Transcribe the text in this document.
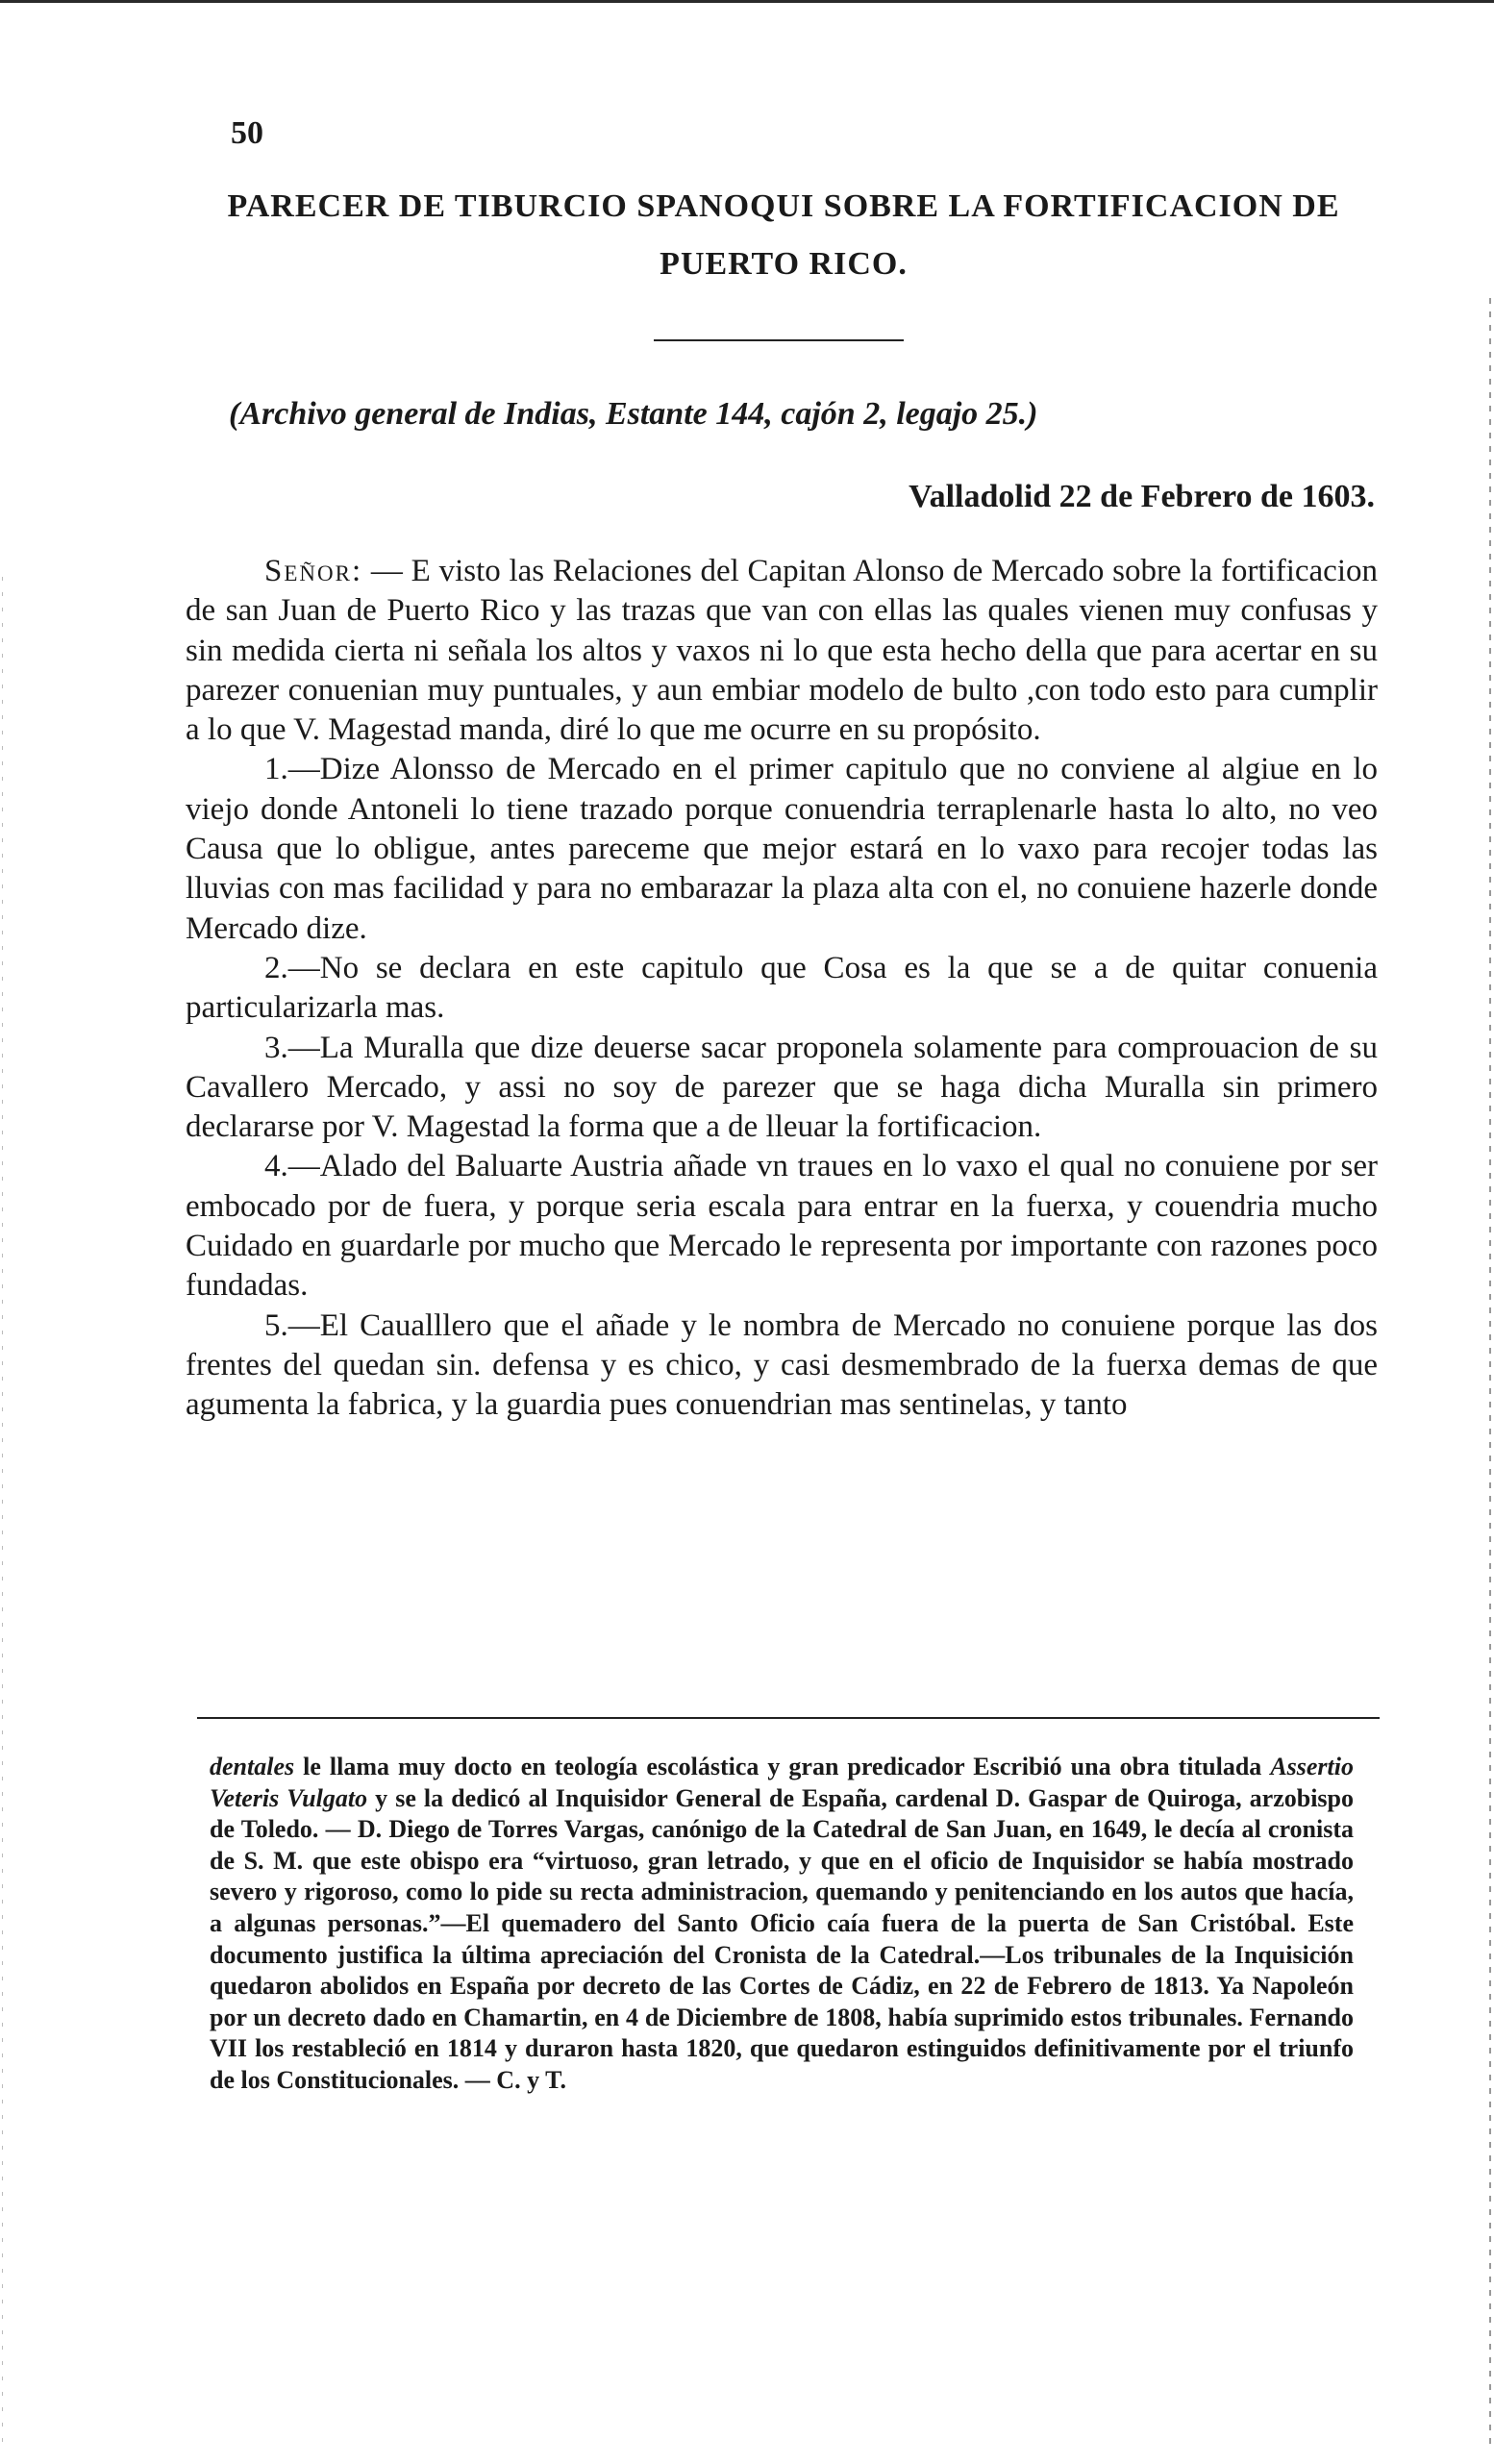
50
PARECER DE TIBURCIO SPANOQUI SOBRE LA FORTIFICACION DE PUERTO RICO.
(Archivo general de Indias, Estante 144, cajón 2, legajo 25.)
Valladolid 22 de Febrero de 1603.

Señor: — E visto las Relaciones del Capitan Alonso de Mercado sobre la fortificacion de san Juan de Puerto Rico y las trazas que van con ellas las quales vienen muy confusas y sin medida cierta ni señala los altos y vaxos ni lo que esta hecho della que para acertar en su parezer conuenian muy puntuales, y aun embiar modelo de bulto ,con todo esto para cumplir a lo que V. Magestad manda, diré lo que me ocurre en su propósito.

1.—Dize Alonsso de Mercado en el primer capitulo que no conviene al algiue en lo viejo donde Antoneli lo tiene trazado porque conuendria terraplenarle hasta lo alto, no veo Causa que lo obligue, antes pareceme que mejor estará en lo vaxo para recojer todas las lluvias con mas facilidad y para no embarazar la plaza alta con el, no conuiene hazerle donde Mercado dize.

2.—No se declara en este capitulo que Cosa es la que se a de quitar conuenia particularizarla mas.

3.—La Muralla que dize deuerse sacar proponela solamente para comprouacion de su Cavallero Mercado, y assi no soy de parezer que se haga dicha Muralla sin primero declararse por V. Magestad la forma que a de lleuar la fortificacion.

4.—Alado del Baluarte Austria añade vn traues en lo vaxo el qual no conuiene por ser embocado por de fuera, y porque seria escala para entrar en la fuerxa, y couendria mucho Cuidado en guardarle por mucho que Mercado le representa por importante con razones poco fundadas.

5.—El Caualllero que el añade y le nombra de Mercado no conuiene porque las dos frentes del quedan sin. defensa y es chico, y casi desmembrado de la fuerxa demas de que agumenta la fabrica, y la guardia pues conuendrian mas sentinelas, y tanto

dentales le llama muy docto en teología escolástica y gran predicador Escribió una obra titulada Assertio Veteris Vulgato y se la dedicó al Inquisidor General de España, cardenal D. Gaspar de Quiroga, arzobispo de Toledo. — D. Diego de Torres Vargas, canónigo de la Catedral de San Juan, en 1649, le decía al cronista de S. M. que este obispo era “virtuoso, gran letrado, y que en el oficio de Inquisidor se había mostrado severo y rigoroso, como lo pide su recta administracion, quemando y penitenciando en los autos que hacía, a algunas personas.”—El quemadero del Santo Oficio caía fuera de la puerta de San Cristóbal. Este documento justifica la última apreciación del Cronista de la Catedral.—Los tribunales de la Inquisición quedaron abolidos en España por decreto de las Cortes de Cádiz, en 22 de Febrero de 1813. Ya Napoleón por un decreto dado en Chamartin, en 4 de Diciembre de 1808, había suprimido estos tribunales. Fernando VII los restableció en 1814 y duraron hasta 1820, que quedaron estinguidos definitivamente por el triunfo de los Constitucionales. — C. y T.
